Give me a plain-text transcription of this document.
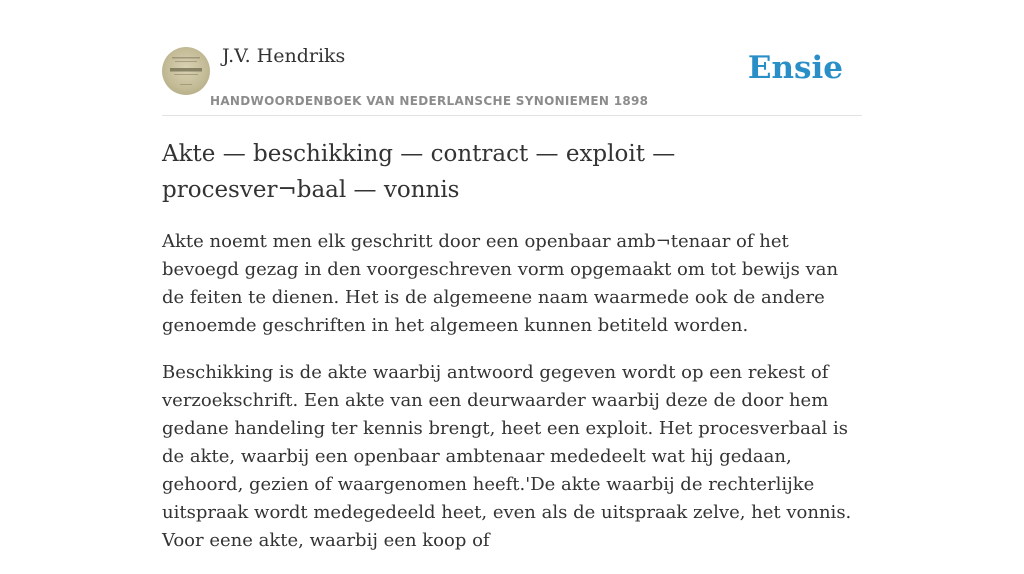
J.V. Hendriks
HANDWOORDENBOEK VAN NEDERLANSCHE SYNONIEMEN 1898
Ensie
Akte — beschikking — contract — exploit — procesver¬baal — vonnis

Akte noemt men elk geschritt door een openbaar amb¬tenaar of het bevoegd gezag in den voorgeschreven vorm opgemaakt om tot bewijs van de feiten te dienen. Het is de algemeene naam waarmede ook de andere genoemde geschriften in het algemeen kunnen betiteld worden.

Beschikking is de akte waarbij antwoord gegeven wordt op een rekest of verzoekschrift. Een akte van een deurwaarder waarbij deze de door hem gedane handeling ter kennis brengt, heet een exploit. Het procesverbaal is de akte, waarbij een openbaar ambtenaar mededeelt wat hij gedaan, gehoord, gezien of waargenomen heeft.'De akte waarbij de rechterlijke uitspraak wordt medegedeeld heet, even als de uitspraak zelve, het vonnis. Voor eene akte, waarbij een koop of
